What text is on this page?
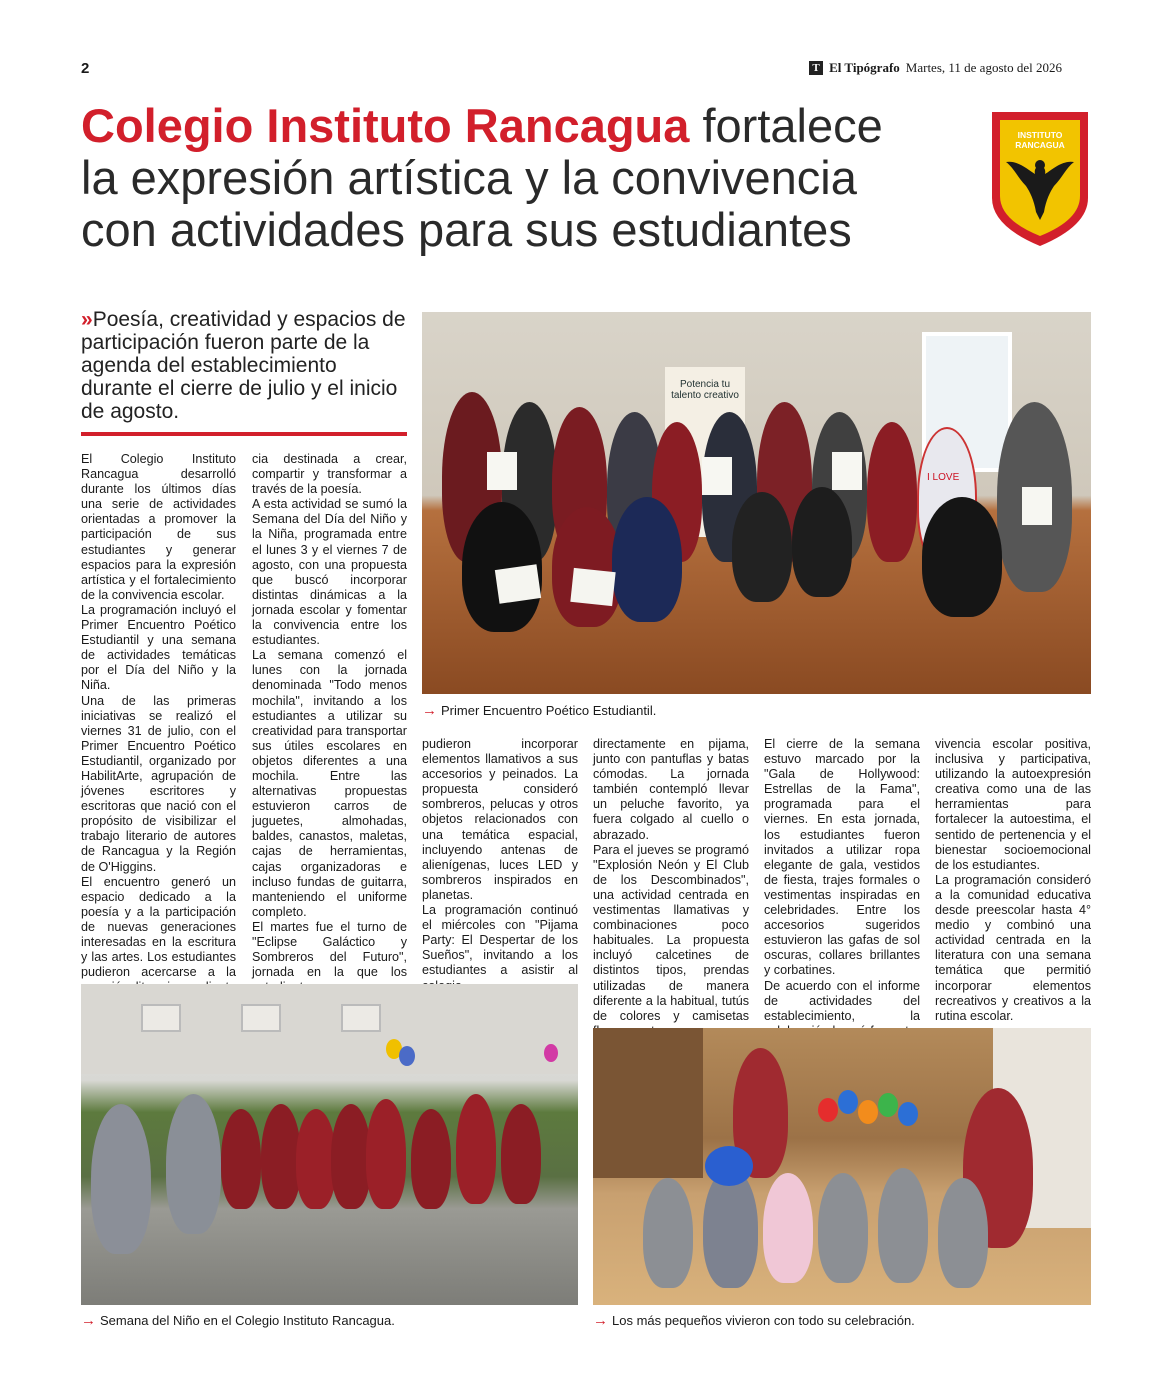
2	T El Tipógrafo Martes, 11 de agosto del 2026
Colegio Instituto Rancagua fortalece
la expresión artística y la convivencia
con actividades para sus estudiantes
INSTITUTO
RANCAGUA
»Poesía, creatividad y espacios de participación fueron parte de la agenda del establecimiento durante el cierre de julio y el inicio de agosto.

El Colegio Instituto Rancagua desarrolló durante los últimos días una serie de actividades orientadas a promover la participación de sus estudiantes y generar espacios para la expresión artística y el fortalecimiento de la convivencia escolar.

La programación incluyó el Primer Encuentro Poético Estudiantil y una semana de actividades temáticas por el Día del Niño y la Niña.

Una de las primeras iniciativas se realizó el viernes 31 de julio, con el Primer Encuentro Poético Estudiantil, organizado por HabilitArte, agrupación de jóvenes escritores y escritoras que nació con el propósito de visibilizar el trabajo literario de autores de Rancagua y la Región de O'Higgins.

El encuentro generó un espacio dedicado a la poesía y a la participación de nuevas generaciones interesadas en la escritura y las artes. Los estudiantes pudieron acercarse a la

cia destinada a crear, compartir y transformar a través de la poesía.

A esta actividad se sumó la Semana del Día del Niño y la Niña, programada entre el lunes 3 y el viernes 7 de agosto, con una propuesta que buscó incorporar distintas dinámicas a la jornada escolar y fomentar la convivencia entre los estudiantes.

La semana comenzó el lunes con la jornada denominada "Todo menos mochila", invitando a los estudiantes a utilizar su creatividad para transportar sus útiles escolares en objetos diferentes a una mochila. Entre las alternativas propuestas estuvieron carros de juguetes, almohadas, baldes, canastos, maletas, cajas de herramientas, cajas organizadoras e incluso fundas de guitarra, manteniendo el uniforme completo.

El martes fue el turno de "Eclipse Galáctico y Sombreros del Futuro", jornada en la que los

pudieron incorporar elementos llamativos a sus accesorios y peinados. La propuesta consideró sombreros, pelucas y otros objetos relacionados con una temática espacial, incluyendo antenas de alienígenas, luces LED y sombreros inspirados en planetas.

La programación continuó el miércoles con "Pijama Party: El Despertar de los Sueños", invitando a los estudiantes a asistir al

directamente en pijama, junto con pantuflas y batas cómodas. La jornada también contempló llevar un peluche favorito, ya fuera colgado al cuello o abrazado.

Para el jueves se programó "Explosión Neón y El Club de los Descombinados", una actividad centrada en vestimentas llamativas y combinaciones poco habituales. La propuesta incluyó calcetines de distintos tipos, prendas utilizadas de manera diferente a la habitual, tutús de colores y camisetas

El cierre de la semana estuvo marcado por la "Gala de Hollywood: Estrellas de la Fama", programada para el viernes. En esta jornada, los estudiantes fueron invitados a utilizar ropa elegante de gala, vestidos de fiesta, trajes formales o vestimentas inspiradas en celebridades. Entre los accesorios sugeridos estuvieron las gafas de sol oscuras, collares brillantes y corbatines.

De acuerdo con el informe de actividades del establecimiento, la

vivencia escolar positiva, inclusiva y participativa, utilizando la autoexpresión creativa como una de las herramientas para fortalecer la autoestima, el sentido de pertenencia y el bienestar socioemocional de los estudiantes.

La programación consideró a la comunidad educativa desde preescolar hasta 4° medio y combinó una actividad centrada en la literatura con una semana temática que permitió incorporar elementos recreativos y creativos a la rutina escolar.

Potencia tu
talento creativo
I LOVE
→ Primer Encuentro Poético Estudiantil.
→ Semana del Niño en el Colegio Instituto Rancagua.	→ Los más pequeños vivieron con todo su celebración.
